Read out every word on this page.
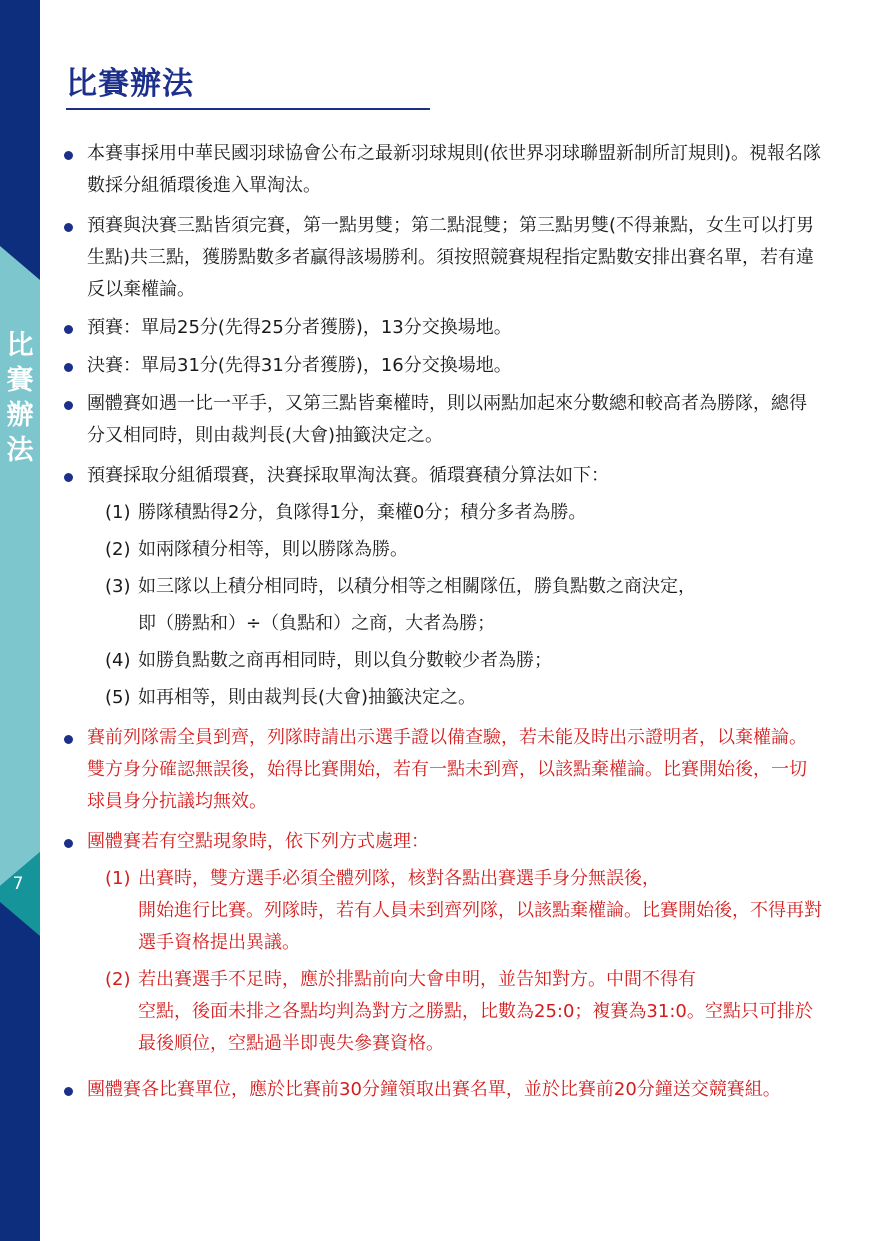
比
賽
辦
法
7
比賽辦法
本賽事採用中華民國羽球協會公布之最新羽球規則(依世界羽球聯盟新制所訂規則)。視報名隊數採分組循環後進入單淘汰。
預賽與決賽三點皆須完賽，第一點男雙；第二點混雙；第三點男雙(不得兼點，女生可以打男生點)共三點，獲勝點數多者贏得該場勝利。須按照競賽規程指定點數安排出賽名單，若有違反以棄權論。
預賽：單局25分(先得25分者獲勝)，13分交換場地。
決賽：單局31分(先得31分者獲勝)，16分交換場地。
團體賽如遇一比一平手，又第三點皆棄權時，則以兩點加起來分數總和較高者為勝隊，總得分又相同時，則由裁判長(大會)抽籤決定之。
預賽採取分組循環賽，決賽採取單淘汰賽。循環賽積分算法如下：
(1) 勝隊積點得2分，負隊得1分，棄權0分；積分多者為勝。
(2) 如兩隊積分相等，則以勝隊為勝。
(3) 如三隊以上積分相同時，以積分相等之相關隊伍，勝負點數之商決定，
即（勝點和）÷（負點和）之商，大者為勝；
(4) 如勝負點數之商再相同時，則以負分數較少者為勝；
(5) 如再相等，則由裁判長(大會)抽籤決定之。
賽前列隊需全員到齊，列隊時請出示選手證以備查驗，若未能及時出示證明者，以棄權論。雙方身分確認無誤後，始得比賽開始，若有一點未到齊，以該點棄權論。比賽開始後，一切球員身分抗議均無效。
團體賽若有空點現象時，依下列方式處理：
(1) 出賽時，雙方選手必須全體列隊，核對各點出賽選手身分無誤後，
開始進行比賽。列隊時，若有人員未到齊列隊，以該點棄權論。比賽開始後，不得再對選手資格提出異議。
(2) 若出賽選手不足時，應於排點前向大會申明，並告知對方。中間不得有
空點，後面未排之各點均判為對方之勝點，比數為25:0；複賽為31:0。空點只可排於最後順位，空點過半即喪失參賽資格。
團體賽各比賽單位，應於比賽前30分鐘領取出賽名單，並於比賽前20分鐘送交競賽組。
